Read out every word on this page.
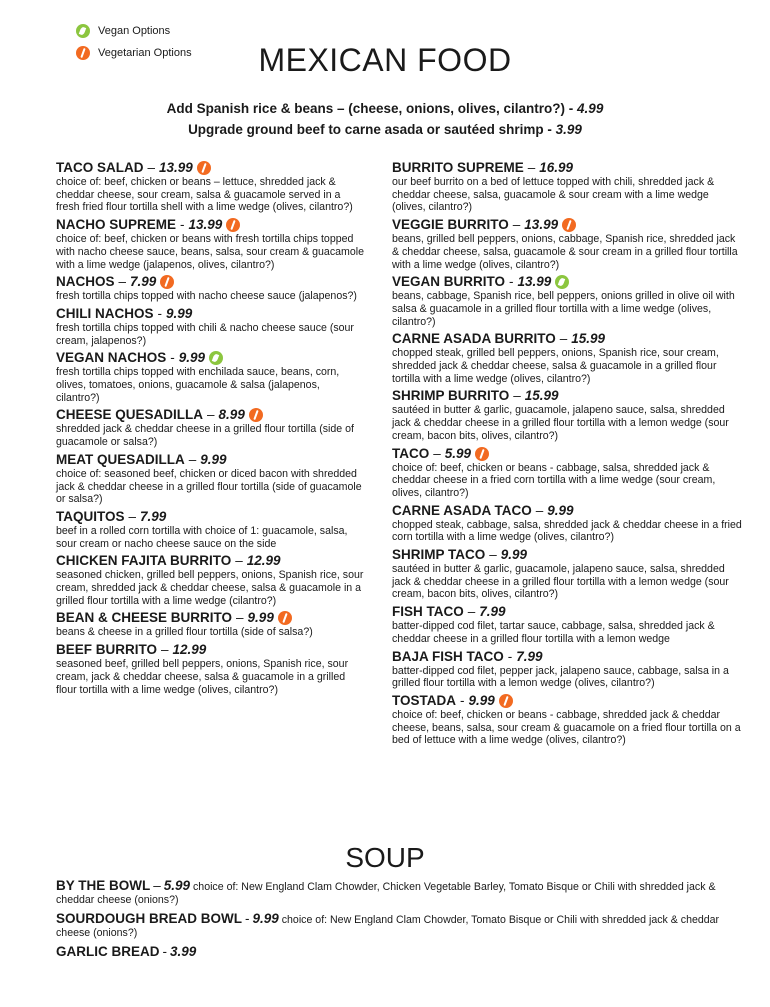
Vegan Options
Vegetarian Options	MEXICAN FOOD
Add Spanish rice & beans – (cheese, onions, olives, cilantro?) - 4.99
Upgrade ground beef to carne asada or sautéed shrimp - 3.99
TACO SALAD – 13.99

choice of: beef, chicken or beans – lettuce, shredded jack & cheddar cheese, sour cream, salsa & guacamole served in a fresh fried flour tortilla shell with a lime wedge (olives, cilantro?)

NACHO SUPREME - 13.99

choice of: beef, chicken or beans with fresh tortilla chips topped with nacho cheese sauce, beans, salsa, sour cream & guacamole with a lime wedge (jalapenos, olives, cilantro?)

NACHOS – 7.99

fresh tortilla chips topped with nacho cheese sauce (jalapenos?)

CHILI NACHOS - 9.99

fresh tortilla chips topped with chili & nacho cheese sauce (sour cream, jalapenos?)

VEGAN NACHOS - 9.99

fresh tortilla chips topped with enchilada sauce, beans, corn, olives, tomatoes, onions, guacamole & salsa (jalapenos, cilantro?)

CHEESE QUESADILLA – 8.99

shredded jack & cheddar cheese in a grilled flour tortilla (side of guacamole or salsa?)

MEAT QUESADILLA – 9.99

choice of: seasoned beef, chicken or diced bacon with shredded jack & cheddar cheese in a grilled flour tortilla (side of guacamole or salsa?)

TAQUITOS – 7.99

beef in a rolled corn tortilla with choice of 1: guacamole, salsa, sour cream or nacho cheese sauce on the side

CHICKEN FAJITA BURRITO – 12.99

seasoned chicken, grilled bell peppers, onions, Spanish rice, sour cream, shredded jack & cheddar cheese, salsa & guacamole in a grilled flour tortilla with a lime wedge (cilantro?)

BEAN & CHEESE BURRITO – 9.99

beans & cheese in a grilled flour tortilla (side of salsa?)

BEEF BURRITO – 12.99

seasoned beef, grilled bell peppers, onions, Spanish rice, sour cream, jack & cheddar cheese, salsa & guacamole in a grilled flour tortilla with a lime wedge (olives, cilantro?)

BURRITO SUPREME – 16.99

our beef burrito on a bed of lettuce topped with chili, shredded jack & cheddar cheese, salsa, guacamole & sour cream with a lime wedge (olives, cilantro?)

VEGGIE BURRITO – 13.99

beans, grilled bell peppers, onions, cabbage, Spanish rice, shredded jack & cheddar cheese, salsa, guacamole & sour cream in a grilled flour tortilla with a lime wedge (olives, cilantro?)

VEGAN BURRITO - 13.99

beans, cabbage, Spanish rice, bell peppers, onions grilled in olive oil with salsa & guacamole in a grilled flour tortilla with a lime wedge (olives, cilantro?)

CARNE ASADA BURRITO – 15.99

chopped steak, grilled bell peppers, onions, Spanish rice, sour cream, shredded jack & cheddar cheese, salsa & guacamole in a grilled flour tortilla with a lime wedge (olives, cilantro?)

SHRIMP BURRITO – 15.99

sautéed in butter & garlic, guacamole, jalapeno sauce, salsa, shredded jack & cheddar cheese in a grilled flour tortilla with a lemon wedge (sour cream, bacon bits, olives, cilantro?)

TACO – 5.99

choice of: beef, chicken or beans - cabbage, salsa, shredded jack & cheddar cheese in a fried corn tortilla with a lime wedge (sour cream, olives, cilantro?)

CARNE ASADA TACO – 9.99

chopped steak, cabbage, salsa, shredded jack & cheddar cheese in a fried corn tortilla with a lime wedge (olives, cilantro?)

SHRIMP TACO – 9.99

sautéed in butter & garlic, guacamole, jalapeno sauce, salsa, shredded jack & cheddar cheese in a grilled flour tortilla with a lemon wedge (sour cream, bacon bits, olives, cilantro?)

FISH TACO – 7.99

batter-dipped cod filet, tartar sauce, cabbage, salsa, shredded jack & cheddar cheese in a grilled flour tortilla with a lemon wedge

BAJA FISH TACO - 7.99

batter-dipped cod filet, pepper jack, jalapeno sauce, cabbage, salsa in a grilled flour tortilla with a lemon wedge (olives, cilantro?)

TOSTADA - 9.99

choice of: beef, chicken or beans - cabbage, shredded jack & cheddar cheese, beans, salsa, sour cream & guacamole on a fried flour tortilla on a bed of lettuce with a lime wedge (olives, cilantro?)

SOUP
BY THE BOWL – 5.99 choice of: New England Clam Chowder, Chicken Vegetable Barley, Tomato Bisque or Chili with shredded jack & cheddar cheese (onions?)
SOURDOUGH BREAD BOWL - 9.99 choice of: New England Clam Chowder, Tomato Bisque or Chili with shredded jack & cheddar cheese (onions?)
GARLIC BREAD - 3.99
